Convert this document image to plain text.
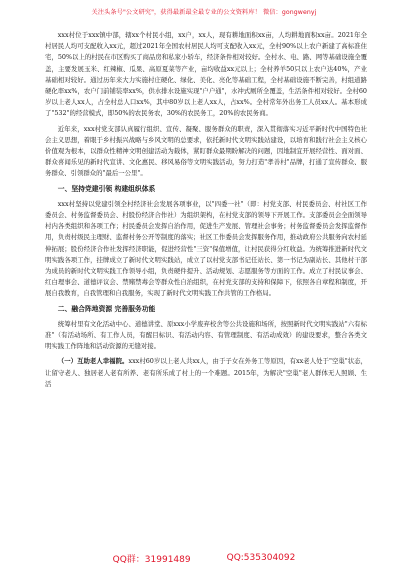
关注头条号"公文研究"，获得最新最全最专业的公文资料库！ 微信：gongwenyj

xxx村位于xxx镇中部，辖xx个村民小组，xx户，xx人，现有耕地面积xx亩，人均耕地面积xx亩。2021年全村居民人均可支配收入xx元，超过2021年全国农村居民人均可支配收入xx元，全村90%以上农户新建了高标准住宅，50%以上的村民在市区购买了商品房和私家小轿车，经济条件相对较好。全村水、电、路、网等基础设施全覆盖，主要发展玉米、红辣椒、瓜果、高原夏菜等产业，亩均收益xx元以上；全村养羊50只以上农户达40%，产业基础相对较好。通过历年来大力实施村庄硬化、绿化、美化、亮化等基础工程，全村基础设施不断完善，村组道路硬化率xx%，农户门前铺装率xx%，供水排水设施实现"户户通"，水冲式厕所全覆盖，生活条件相对较好。全村60岁以上老人xx人，占全村总人口xx%，其中80岁以上老人xx人，占xx%。全村常年外出务工人员xx人。基本形成了"532"的经营模式，即50%的农民务农，30%的农民务工，20%的农民务商。

近年来，xxx村党支部认真履行组织、宣传、凝聚、服务群众的职责，深入贯彻落实习近平新时代中国特色社会主义思想，着眼于乡村振兴战略与乡风文明的总要求，依托新时代文明实践站建设，以培育和践行社会主义核心价值观为根本，以群众性精神文明创建活动为载体，紧盯群众最期盼解决的问题，因地制宜开展经营性、面对面、群众喜闻乐见的新时代宣讲、文化惠民、移风易俗等文明实践活动，努力打造"孝善村"品牌，打通了宣传群众、服务群众、引领群众的"最后一公里"。

一、坚持党建引领 构建组织体系

xxx村坚持以党建引领全村经济社会发展各项事业，以"四委一社"（即：村党支部、村民委员会、村社区工作委员会、村务监督委员会、村股份经济合作社）为组织架构，在村党支部的领导下开展工作。支部委员会全面领导村内各类组织和各项工作；村民委员会发挥自治作用，促进生产发展、管理社会事务；村务监督委员会发挥监督作用，负责村级民主理财、监督村务公开等制度的落实；社区工作委员会发挥服务作用，推动政府公共服务向农村延伸拓展；股份经济合作社发挥经济职能，促进经营性"三资"保值增值，让村民获得分红收益。为统筹推进新时代文明实践各项工作，挂牌成立了新时代文明实践站，成立了以村党支部书记任站长、第一书记为副站长、其他村干部为成员的新时代文明实践工作领导小组，负责硬件提升、活动规划、志愿服务等方面的工作。成立了村民议事会、红白理事会、道德评议会、禁赌禁毒会等群众性自治组织，在村党支部的支持和保障下，依照各自章程和制度，开展自我教育，自我管理和自我服务，实现了新时代文明实践工作共管的工作格局。

二、融合阵地资源 完善服务功能

统筹村里有文化活动中心、道德讲堂、原xxx小学废弃校舍等公共设施和场所，按照新时代文明实践站"六有标准"（有活动场所、有工作人员，有醒目标识、有活动内容、有管理制度、有活动成效）的建设要求，整合各类文明实践工作阵地和活动资源的无缝对接。

（一）互助老人幸福院。xxx村60岁以上老人共xx人，由于子女在外务工等原因，有xx老人处于"空巢"状态，让留守老人、独居老人老有所养、老有所乐成了村上的一个难题。2015年，为解决"空巢"老人群体无人照顾、生活

QQ群：31991489	QQ:535304092
